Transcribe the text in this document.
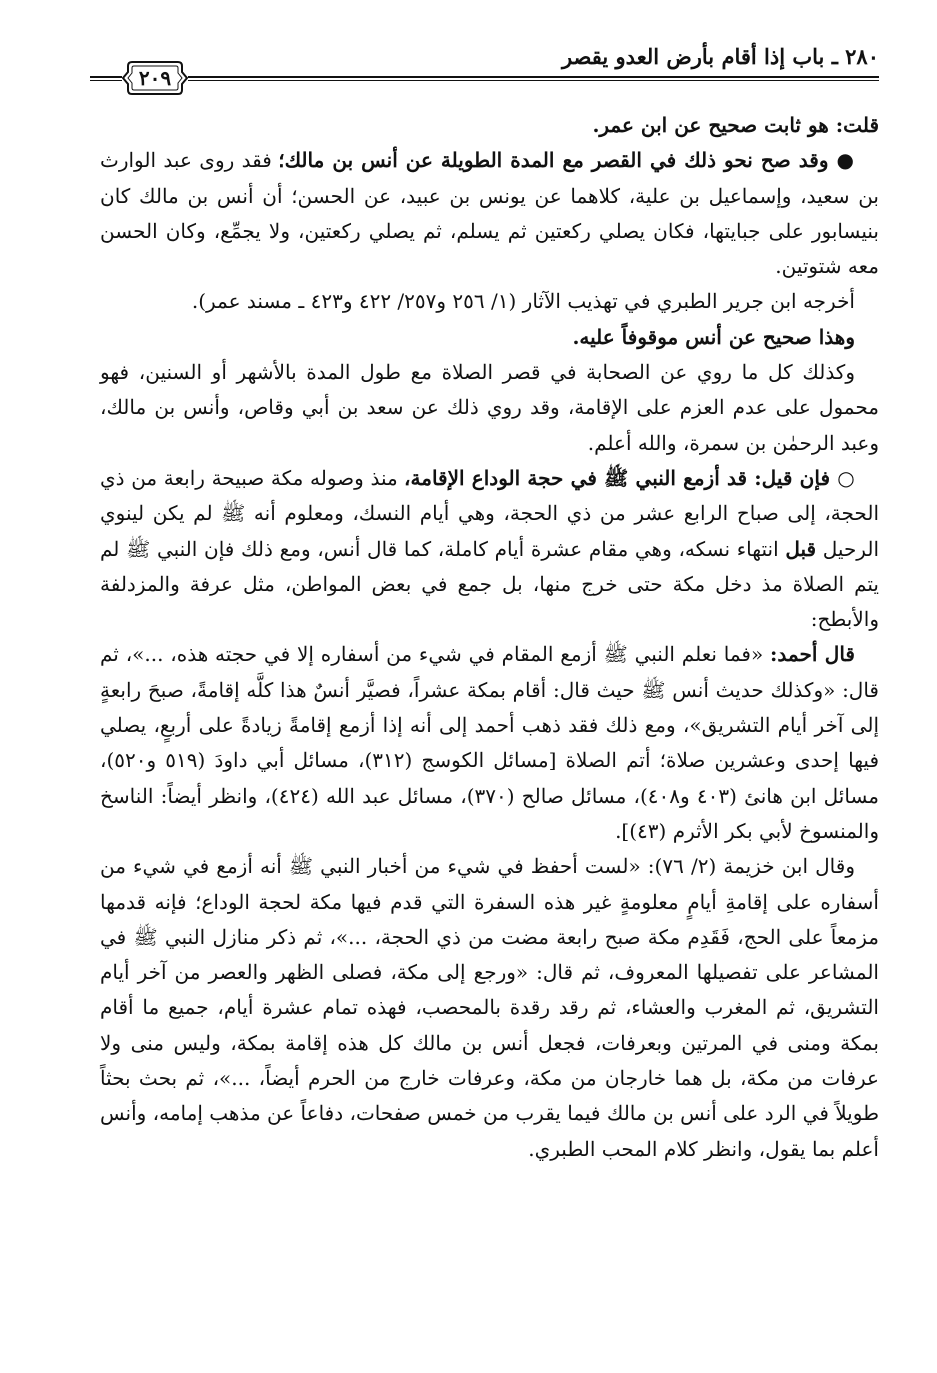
٢٨٠ ـ باب إذا أقام بأرض العدو يقصر
٢٠٩

قلت: هو ثابت صحيح عن ابن عمر.

● وقد صح نحو ذلك في القصر مع المدة الطويلة عن أنس بن مالك؛ فقد روى عبد الوارث بن سعيد، وإسماعيل بن علية، كلاهما عن يونس بن عبيد، عن الحسن؛ أن أنس بن مالك كان بنيسابور على جبايتها، فكان يصلي ركعتين ثم يسلم، ثم يصلي ركعتين، ولا يجمِّع، وكان الحسن معه شتوتين.

أخرجه ابن جرير الطبري في تهذيب الآثار (١/ ٢٥٦ و٢٥٧/ ٤٢٢ و٤٢٣ ـ مسند عمر).

وهذا صحيح عن أنس موقوفاً عليه.

وكذلك كل ما روي عن الصحابة في قصر الصلاة مع طول المدة بالأشهر أو السنين، فهو محمول على عدم العزم على الإقامة، وقد روي ذلك عن سعد بن أبي وقاص، وأنس بن مالك، وعبد الرحمٰن بن سمرة، والله أعلم.

○ فإن قيل: قد أزمع النبي ﷺ في حجة الوداع الإقامة، منذ وصوله مكة صبيحة رابعة من ذي الحجة، إلى صباح الرابع عشر من ذي الحجة، وهي أيام النسك، ومعلوم أنه ﷺ لم يكن لينوي الرحيل قبل انتهاء نسكه، وهي مقام عشرة أيام كاملة، كما قال أنس، ومع ذلك فإن النبي ﷺ لم يتم الصلاة مذ دخل مكة حتى خرج منها، بل جمع في بعض المواطن، مثل عرفة والمزدلفة والأبطح:

قال أحمد: «فما نعلم النبي ﷺ أزمع المقام في شيء من أسفاره إلا في حجته هذه، ...»، ثم قال: «وكذلك حديث أنس ﷺ حيث قال: أقام بمكة عشراً، فصيَّر أنسٌ هذا كلَّه إقامةً، صبحَ رابعةٍ إلى آخر أيام التشريق»، ومع ذلك فقد ذهب أحمد إلى أنه إذا أزمع إقامةً زيادةً على أربعٍ، يصلي فيها إحدى وعشرين صلاة؛ أتم الصلاة [مسائل الكوسج (٣١٢)، مسائل أبي داودَ (٥١٩ و٥٢٠)، مسائل ابن هانئ (٤٠٣ و٤٠٨)، مسائل صالح (٣٧٠)، مسائل عبد الله (٤٢٤)، وانظر أيضاً: الناسخ والمنسوخ لأبي بكر الأثرم (٤٣)].

وقال ابن خزيمة (٢/ ٧٦): «لست أحفظ في شيء من أخبار النبي ﷺ أنه أزمع في شيء من أسفاره على إقامةِ أيامٍ معلومةٍ غير هذه السفرة التي قدم فيها مكة لحجة الوداع؛ فإنه قدمها مزمعاً على الحج، فَقَدِم مكة صبح رابعة مضت من ذي الحجة، ...»، ثم ذكر منازل النبي ﷺ في المشاعر على تفصيلها المعروف، ثم قال: «ورجع إلى مكة، فصلى الظهر والعصر من آخر أيام التشريق، ثم المغرب والعشاء، ثم رقد رقدة بالمحصب، فهذه تمام عشرة أيام، جميع ما أقام بمكة ومنى في المرتين وبعرفات، فجعل أنس بن مالك كل هذه إقامة بمكة، وليس منى ولا عرفات من مكة، بل هما خارجان من مكة، وعرفات خارج من الحرم أيضاً، ...»، ثم بحث بحثاً طويلاً في الرد على أنس بن مالك فيما يقرب من خمس صفحات، دفاعاً عن مذهب إمامه، وأنس أعلم بما يقول، وانظر كلام المحب الطبري.
